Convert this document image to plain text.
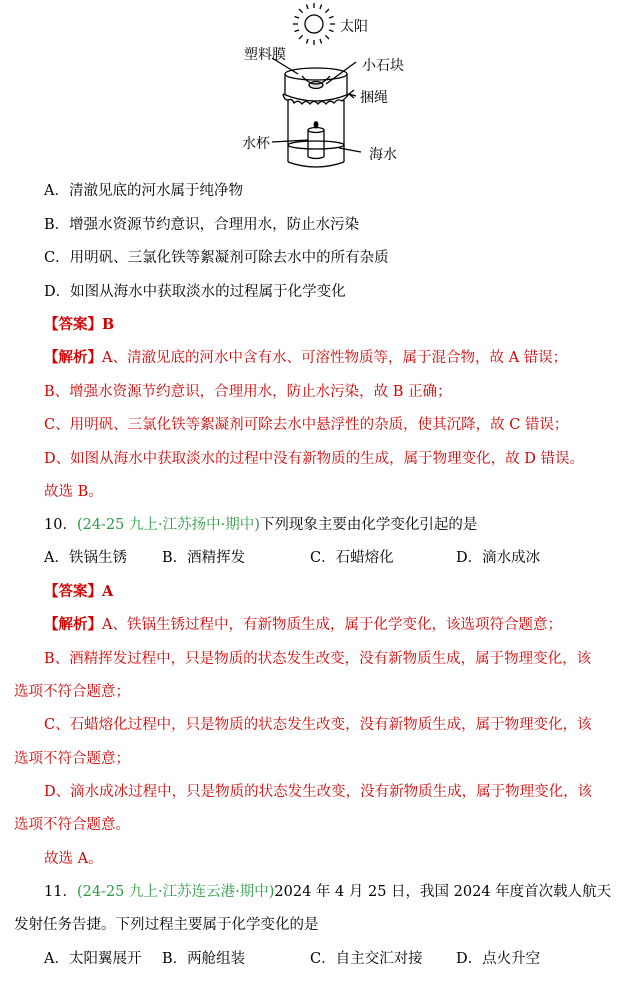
太阳
塑料膜
小石块
捆绳
水杯
海水
A．清澈见底的河水属于纯净物
B．增强水资源节约意识，合理用水，防止水污染
C．用明矾、三氯化铁等絮凝剂可除去水中的所有杂质
D．如图从海水中获取淡水的过程属于化学变化
【答案】B
【解析】A、清澈见底的河水中含有水、可溶性物质等，属于混合物，故 A 错误；
B、增强水资源节约意识，合理用水，防止水污染，故 B 正确；
C、用明矾、三氯化铁等絮凝剂可除去水中悬浮性的杂质，使其沉降，故 C 错误；
D、如图从海水中获取淡水的过程中没有新物质的生成，属于物理变化，故 D 错误。
故选 B。
10．(24-25 九上·江苏扬中·期中)下列现象主要由化学变化引起的是
A．铁锅生锈 B．酒精挥发	C．石蜡熔化	D．滴水成冰
【答案】A
【解析】A、铁锅生锈过程中，有新物质生成，属于化学变化，该选项符合题意；
B、酒精挥发过程中，只是物质的状态发生改变，没有新物质生成，属于物理变化，该
选项不符合题意；
C、石蜡熔化过程中，只是物质的状态发生改变，没有新物质生成，属于物理变化，该
选项不符合题意；
D、滴水成冰过程中，只是物质的状态发生改变，没有新物质生成，属于物理变化，该
选项不符合题意。
故选 A。
11．(24-25 九上·江苏连云港·期中)2024 年 4 月 25 日，我国 2024 年度首次载人航天
发射任务告捷。下列过程主要属于化学变化的是
A．太阳翼展开 B．两舱组装	C．自主交汇对接 D．点火升空
